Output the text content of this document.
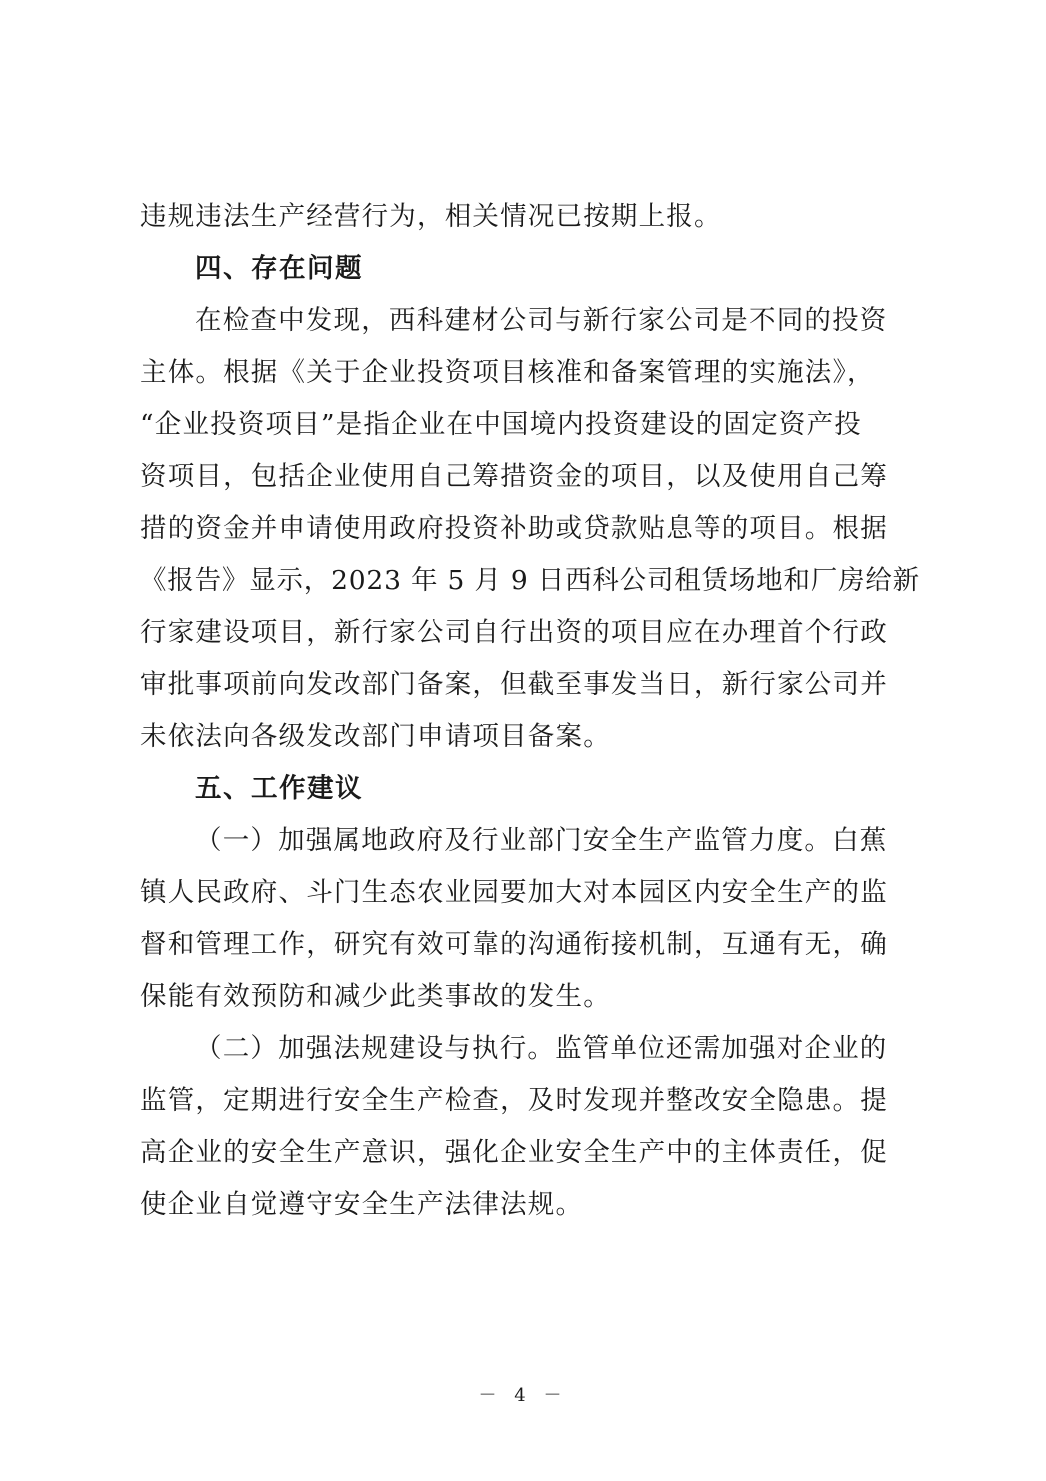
违规违法生产经营行为，相关情况已按期上报。
四、存在问题
在检查中发现，西科建材公司与新行家公司是不同的投资
主体。根据《关于企业投资项目核准和备案管理的实施法》，
“企业投资项目”是指企业在中国境内投资建设的固定资产投
资项目，包括企业使用自己筹措资金的项目，以及使用自己筹
措的资金并申请使用政府投资补助或贷款贴息等的项目。根据
《报告》显示，2023 年 5 月 9 日西科公司租赁场地和厂房给新
行家建设项目，新行家公司自行出资的项目应在办理首个行政
审批事项前向发改部门备案，但截至事发当日，新行家公司并
未依法向各级发改部门申请项目备案。
五、工作建议
（一）加强属地政府及行业部门安全生产监管力度。白蕉
镇人民政府、斗门生态农业园要加大对本园区内安全生产的监
督和管理工作，研究有效可靠的沟通衔接机制，互通有无，确
保能有效预防和减少此类事故的发生。
（二）加强法规建设与执行。监管单位还需加强对企业的
监管，定期进行安全生产检查，及时发现并整改安全隐患。提
高企业的安全生产意识，强化企业安全生产中的主体责任，促
使企业自觉遵守安全生产法律法规。
－ 4 －
